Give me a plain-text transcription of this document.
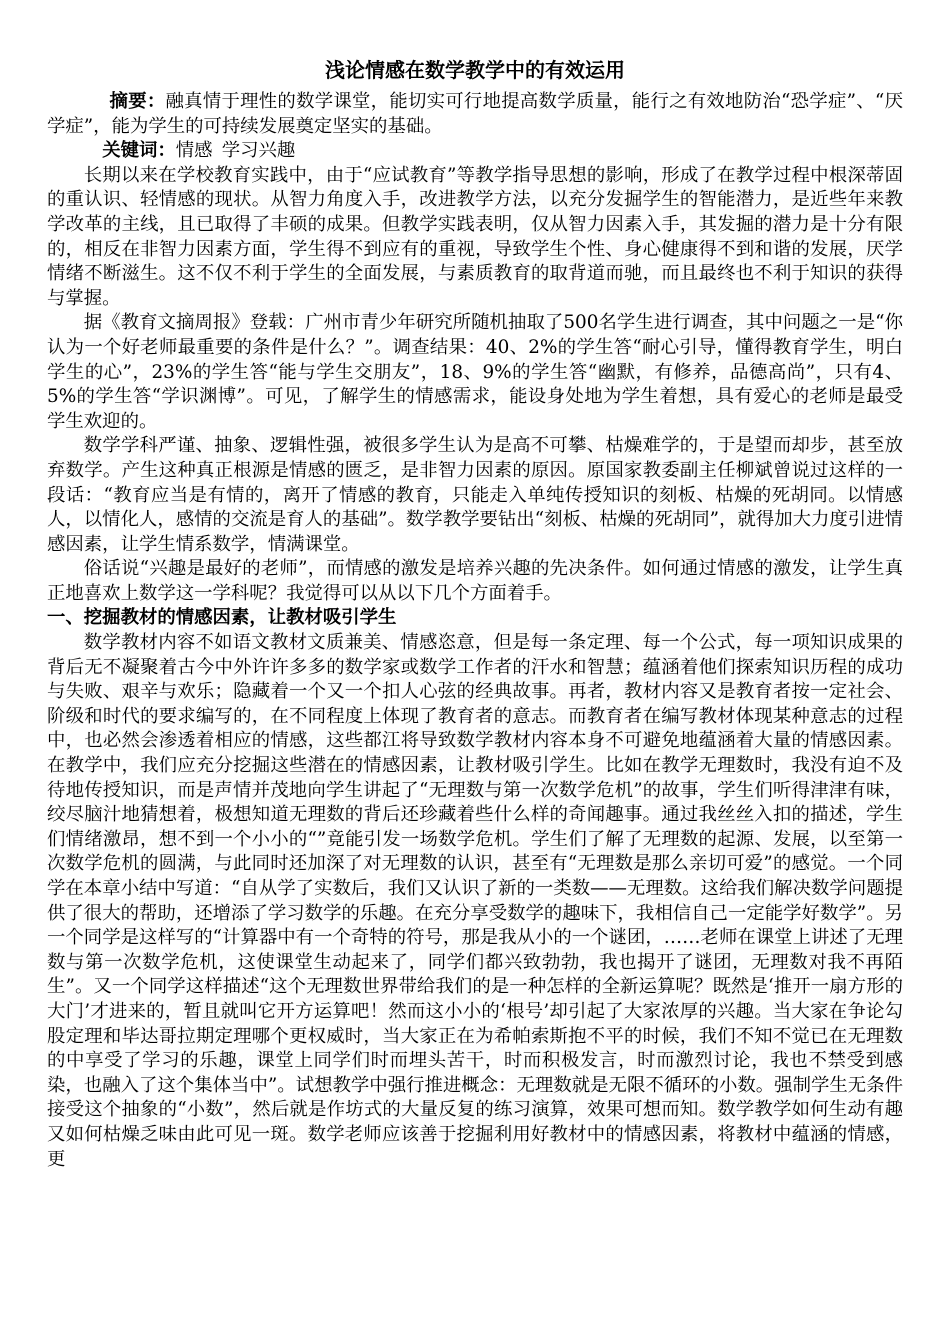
浅论情感在数学教学中的有效运用

摘要：融真情于理性的数学课堂，能切实可行地提高数学质量，能行之有效地防治“恐学症”、“厌学症”，能为学生的可持续发展奠定坚实的基础。

关键词：情感 学习兴趣

长期以来在学校教育实践中，由于“应试教育”等教学指导思想的影响，形成了在教学过程中根深蒂固的重认识、轻情感的现状。从智力角度入手，改进教学方法，以充分发掘学生的智能潜力，是近些年来教学改革的主线，且已取得了丰硕的成果。但教学实践表明，仅从智力因素入手，其发掘的潜力是十分有限的，相反在非智力因素方面，学生得不到应有的重视，导致学生个性、身心健康得不到和谐的发展，厌学情绪不断滋生。这不仅不利于学生的全面发展，与素质教育的取背道而驰，而且最终也不利于知识的获得与掌握。

据《教育文摘周报》登载：广州市青少年研究所随机抽取了500名学生进行调查，其中问题之一是“你认为一个好老师最重要的条件是什么？”。调查结果：40、2%的学生答“耐心引导，懂得教育学生，明白学生的心”，23%的学生答“能与学生交朋友”，18、9%的学生答“幽默，有修养，品德高尚”，只有4、5%的学生答“学识渊博”。可见，了解学生的情感需求，能设身处地为学生着想，具有爱心的老师是最受学生欢迎的。

数学学科严谨、抽象、逻辑性强，被很多学生认为是高不可攀、枯燥难学的，于是望而却步，甚至放弃数学。产生这种真正根源是情感的匮乏，是非智力因素的原因。原国家教委副主任柳斌曾说过这样的一段话：“教育应当是有情的，离开了情感的教育，只能走入单纯传授知识的刻板、枯燥的死胡同。以情感人，以情化人，感情的交流是育人的基础”。数学教学要钻出“刻板、枯燥的死胡同”，就得加大力度引进情感因素，让学生情系数学，情满课堂。

俗话说“兴趣是最好的老师”，而情感的激发是培养兴趣的先决条件。如何通过情感的激发，让学生真正地喜欢上数学这一学科呢？我觉得可以从以下几个方面着手。

一、挖掘教材的情感因素，让教材吸引学生

数学教材内容不如语文教材文质兼美、情感恣意，但是每一条定理、每一个公式，每一项知识成果的背后无不凝聚着古今中外许许多多的数学家或数学工作者的汗水和智慧；蕴涵着他们探索知识历程的成功与失败、艰辛与欢乐；隐藏着一个又一个扣人心弦的经典故事。再者，教材内容又是教育者按一定社会、阶级和时代的要求编写的，在不同程度上体现了教育者的意志。而教育者在编写教材体现某种意志的过程中，也必然会渗透着相应的情感，这些都江将导致数学教材内容本身不可避免地蕴涵着大量的情感因素。在教学中，我们应充分挖掘这些潜在的情感因素，让教材吸引学生。比如在教学无理数时，我没有迫不及待地传授知识，而是声情并茂地向学生讲起了“无理数与第一次数学危机”的故事，学生们听得津津有味，绞尽脑汁地猜想着，极想知道无理数的背后还珍藏着些什么样的奇闻趣事。通过我丝丝入扣的描述，学生们情绪激昂，想不到一个小小的“”竟能引发一场数学危机。学生们了解了无理数的起源、发展，以至第一次数学危机的圆满，与此同时还加深了对无理数的认识，甚至有“无理数是那么亲切可爱”的感觉。一个同学在本章小结中写道：“自从学了实数后，我们又认识了新的一类数——无理数。这给我们解决数学问题提供了很大的帮助，还增添了学习数学的乐趣。在充分享受数学的趣味下，我相信自己一定能学好数学”。另一个同学是这样写的“计算器中有一个奇特的符号，那是我从小的一个谜团，……老师在课堂上讲述了无理数与第一次数学危机，这使课堂生动起来了，同学们都兴致勃勃，我也揭开了谜团，无理数对我不再陌生”。又一个同学这样描述“这个无理数世界带给我们的是一种怎样的全新运算呢？既然是‘推开一扇方形的大门’才进来的，暂且就叫它开方运算吧！然而这小小的‘根号’却引起了大家浓厚的兴趣。当大家在争论勾股定理和毕达哥拉期定理哪个更权威时，当大家正在为希帕索斯抱不平的时候，我们不知不觉已在无理数的中享受了学习的乐趣，课堂上同学们时而埋头苦干，时而积极发言，时而激烈讨论，我也不禁受到感染，也融入了这个集体当中”。试想教学中强行推进概念：无理数就是无限不循环的小数。强制学生无条件接受这个抽象的“小数”，然后就是作坊式的大量反复的练习演算，效果可想而知。数学教学如何生动有趣又如何枯燥乏味由此可见一斑。数学老师应该善于挖掘利用好教材中的情感因素，将教材中蕴涵的情感，更
